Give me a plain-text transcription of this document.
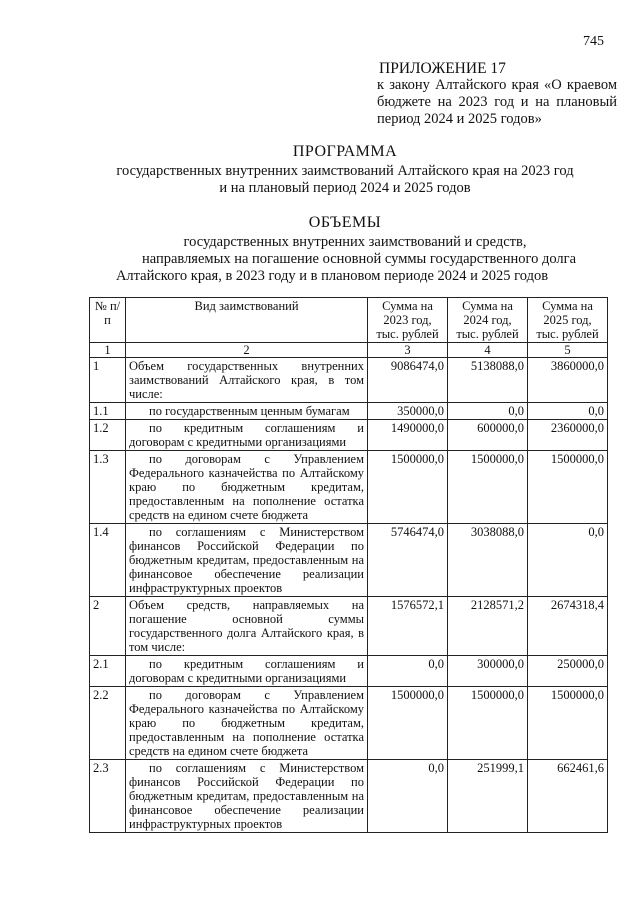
745
ПРИЛОЖЕНИЕ 17
к закону Алтайского края «О краевом бюджете на 2023 год и на плановый период 2024 и 2025 годов»
ПРОГРАММА
государственных внутренних заимствований Алтайского края на 2023 год
и на плановый период 2024 и 2025 годов
ОБЪЕМЫ
государственных внутренних заимствований и средств,
направляемых на погашение основной суммы государственного долга
Алтайского края, в 2023 году и в плановом периоде 2024 и 2025 годов
№ п/п	Вид заимствований	Сумма на 2023 год, тыс. рублей	Сумма на 2024 год, тыс. рублей	Сумма на 2025 год, тыс. рублей
1	2	3	4	5
1	Объем государственных внутренних заимствований Алтайского края, в том числе:	9086474,0	5138088,0	3860000,0
1.1	по государственным ценным бумагам	350000,0	0,0	0,0
1.2	по кредитным соглашениям и договорам с кредитными организациями	1490000,0	600000,0	2360000,0
1.3	по договорам с Управлением Федерального казначейства по Алтайскому краю по бюджетным кредитам, предоставленным на пополнение остатка средств на едином счете бюджета	1500000,0	1500000,0	1500000,0
1.4	по соглашениям с Министерством финансов Российской Федерации по бюджетным кредитам, предоставленным на финансовое обеспечение реализации инфраструктурных проектов	5746474,0	3038088,0	0,0
2	Объем средств, направляемых на погашение основной суммы государственного долга Алтайского края, в том числе:	1576572,1	2128571,2	2674318,4
2.1	по кредитным соглашениям и договорам с кредитными организациями	0,0	300000,0	250000,0
2.2	по договорам с Управлением Федерального казначейства по Алтайскому краю по бюджетным кредитам, предоставленным на пополнение остатка средств на едином счете бюджета	1500000,0	1500000,0	1500000,0
2.3	по соглашениям с Министерством финансов Российской Федерации по бюджетным кредитам, предоставленным на финансовое обеспечение реализации инфраструктурных проектов	0,0	251999,1	662461,6
